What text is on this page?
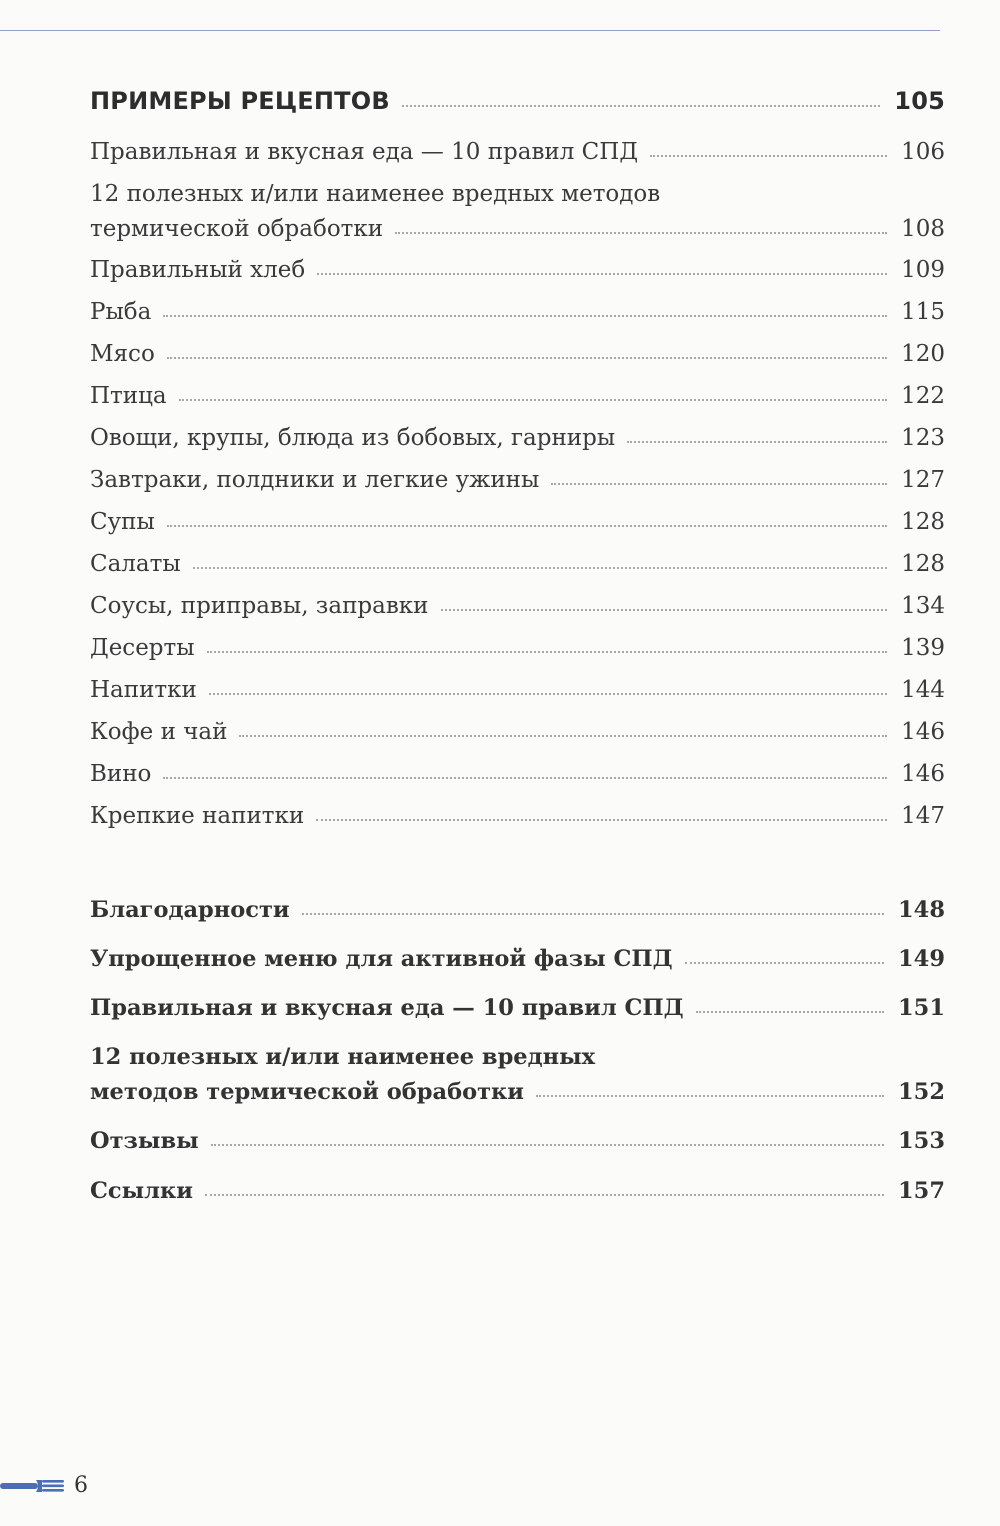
ПРИМЕРЫ РЕЦЕПТОВ	105
Правильная и вкусная еда — 10 правил СПД	106
12 полезных и/или наименее вредных методов
термической обработки	108
Правильный хлеб	109
Рыба	115
Мясо	120
Птица	122
Овощи, крупы, блюда из бобовых, гарниры	123
Завтраки, полдники и легкие ужины	127
Супы	128
Салаты	128
Соусы, приправы, заправки	134
Десерты	139
Напитки	144
Кофе и чай	146
Вино	146
Крепкие напитки	147
Благодарности	148
Упрощенное меню для активной фазы СПД	149
Правильная и вкусная еда — 10 правил СПД	151
12 полезных и/или наименее вредных
методов термической обработки	152
Отзывы	153
Ссылки	157
6
